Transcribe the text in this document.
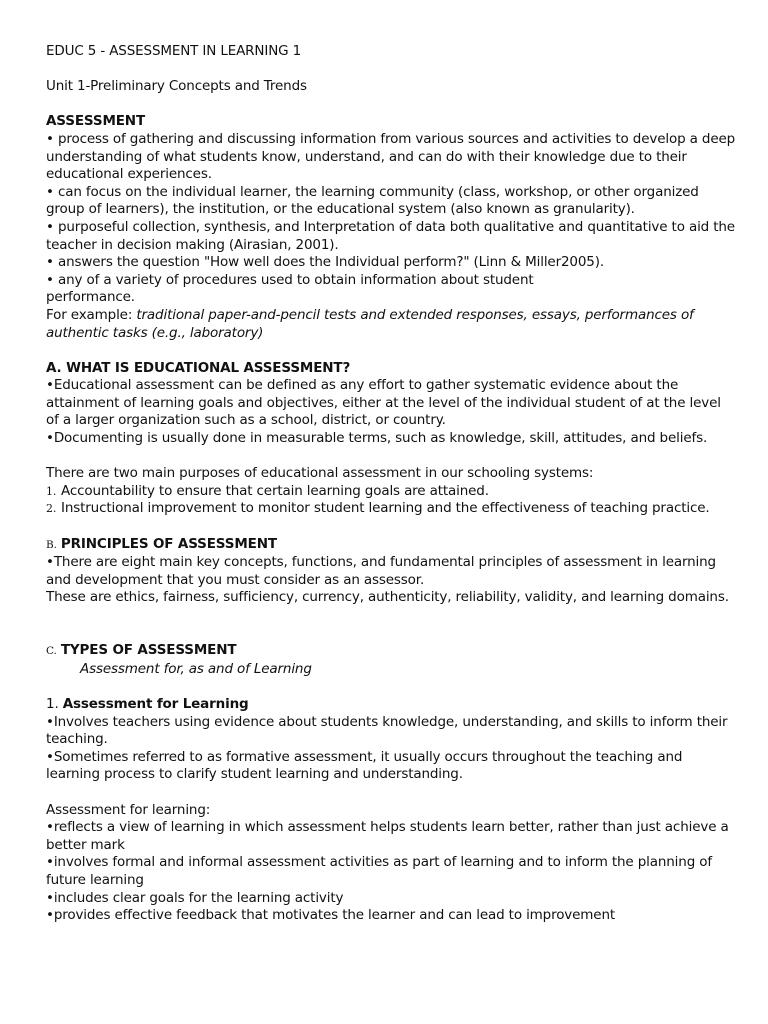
EDUC 5 - ASSESSMENT IN LEARNING 1

Unit 1-Preliminary Concepts and Trends

ASSESSMENT

• process of gathering and discussing information from various sources and activities to develop a deep understanding of what students know, understand, and can do with their knowledge due to their educational experiences.

• can focus on the individual learner, the learning community (class, workshop, or other organized group of learners), the institution, or the educational system (also known as granularity).

• purposeful collection, synthesis, and Interpretation of data both qualitative and quantitative to aid the teacher in decision making (Airasian, 2001).

• answers the question "How well does the Individual perform?" (Linn & Miller2005).

• any of a variety of procedures used to obtain information about student

performance.

For example: traditional paper-and-pencil tests and extended responses, essays, performances of authentic tasks (e.g., laboratory)

A. WHAT IS EDUCATIONAL ASSESSMENT?

•Educational assessment can be defined as any effort to gather systematic evidence about the attainment of learning goals and objectives, either at the level of the individual student of at the level of a larger organization such as a school, district, or country.

•Documenting is usually done in measurable terms, such as knowledge, skill, attitudes, and beliefs.

There are two main purposes of educational assessment in our schooling systems:

1. Accountability to ensure that certain learning goals are attained.
2. Instructional improvement to monitor student learning and the effectiveness of teaching practice.

B. PRINCIPLES OF ASSESSMENT

•There are eight main key concepts, functions, and fundamental principles of assessment in learning and development that you must consider as an assessor.

These are ethics, fairness, sufficiency, currency, authenticity, reliability, validity, and learning domains.

C. TYPES OF ASSESSMENT

Assessment for, as and of Learning

1. Assessment for Learning

•Involves teachers using evidence about students knowledge, understanding, and skills to inform their teaching.

•Sometimes referred to as formative assessment, it usually occurs throughout the teaching and learning process to clarify student learning and understanding.

Assessment for learning:

•reflects a view of learning in which assessment helps students learn better, rather than just achieve a better mark

•involves formal and informal assessment activities as part of learning and to inform the planning of future learning

•includes clear goals for the learning activity

•provides effective feedback that motivates the learner and can lead to improvement
